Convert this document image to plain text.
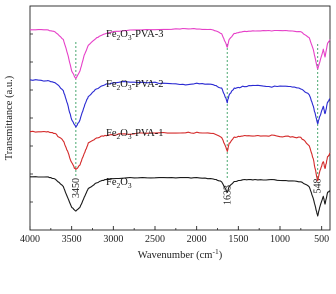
3450	1633	548
$Fe_2O_3-PVA-3$
$Fe_2O_3-PVA-2$
$Fe_2O_3-PVA-1$
$Fe_2O_3$
4000 3500 3000 2500 2000 1500 1000 500
Wavenumber $(cm^{-1})$
Transmittance (a.u.)
